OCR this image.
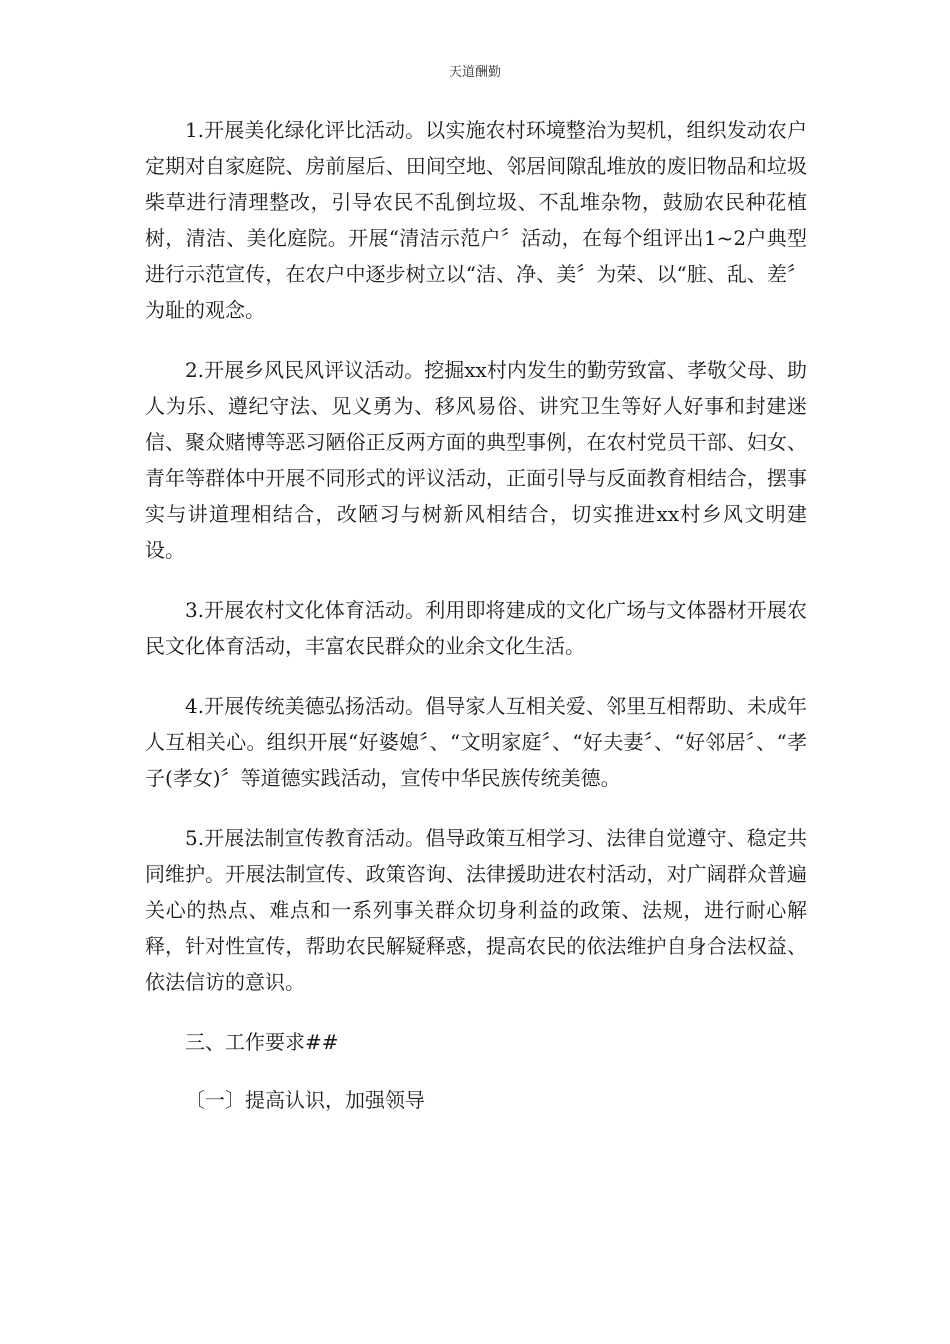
天道酬勤

1.开展美化绿化评比活动。以实施农村环境整治为契机，组织发动农户定期对自家庭院、房前屋后、田间空地、邻居间隙乱堆放的废旧物品和垃圾柴草进行清理整改，引导农民不乱倒垃圾、不乱堆杂物，鼓励农民种花植树，清洁、美化庭院。开展“清洁示范户〞活动，在每个组评出1~2户典型进行示范宣传，在农户中逐步树立以“洁、净、美〞为荣、以“脏、乱、差〞为耻的观念。

2.开展乡风民风评议活动。挖掘xx村内发生的勤劳致富、孝敬父母、助人为乐、遵纪守法、见义勇为、移风易俗、讲究卫生等好人好事和封建迷信、聚众赌博等恶习陋俗正反两方面的典型事例，在农村党员干部、妇女、青年等群体中开展不同形式的评议活动，正面引导与反面教育相结合，摆事实与讲道理相结合，改陋习与树新风相结合，切实推进xx村乡风文明建设。

3.开展农村文化体育活动。利用即将建成的文化广场与文体器材开展农民文化体育活动，丰富农民群众的业余文化生活。

4.开展传统美德弘扬活动。倡导家人互相关爱、邻里互相帮助、未成年人互相关心。组织开展“好婆媳〞、“文明家庭〞、“好夫妻〞、“好邻居〞、“孝子(孝女)〞等道德实践活动，宣传中华民族传统美德。

5.开展法制宣传教育活动。倡导政策互相学习、法律自觉遵守、稳定共同维护。开展法制宣传、政策咨询、法律援助进农村活动，对广阔群众普遍关心的热点、难点和一系列事关群众切身利益的政策、法规，进行耐心解释，针对性宣传，帮助农民解疑释惑，提高农民的依法维护自身合法权益、依法信访的意识。

三、工作要求##

〔一〕提高认识，加强领导
